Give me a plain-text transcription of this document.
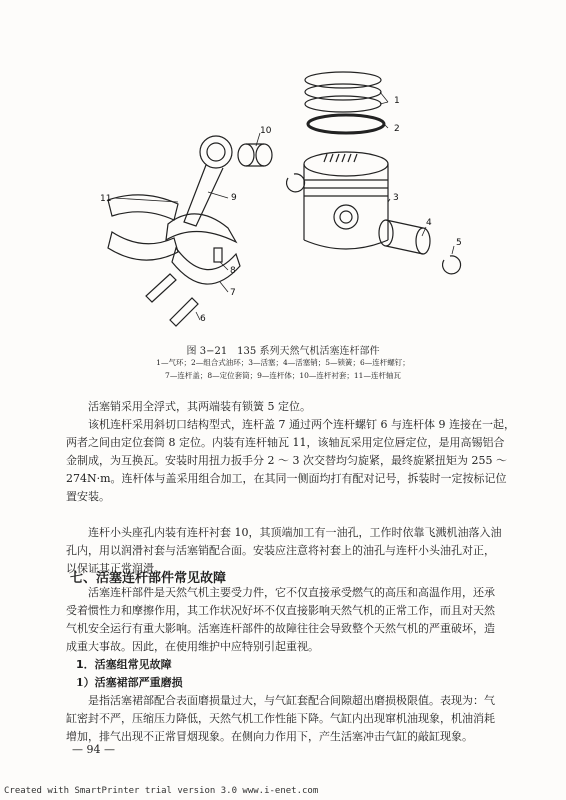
1
2
3
4
5
6
7
8
9
10
11
图 3−21　135 系列天然气机活塞连杆部件
1—气环；2—组合式油环；3—活塞；4—活塞销；5—锁簧；6—连杆螺钉；
7—连杆盖；8—定位套筒；9—连杆体；10—连杆衬套；11—连杆轴瓦

活塞销采用全浮式，其两端装有锁簧 5 定位。

该机连杆采用斜切口结构型式，连杆盖 7 通过两个连杆螺钉 6 与连杆体 9 连接在一起，
两者之间由定位套筒 8 定位。内装有连杆轴瓦 11，该轴瓦采用定位唇定位，是用高锡铝合
金制成，为互换瓦。安装时用扭力扳手分 2 ～ 3 次交替均匀旋紧，最终旋紧扭矩为 255 ～
274N·m。连杆体与盖采用组合加工，在其同一侧面均打有配对记号，拆装时一定按标记位
置安装。

连杆小头座孔内装有连杆衬套 10，其顶端加工有一油孔，工作时依靠飞溅机油落入油
孔内，用以润滑衬套与活塞销配合面。安装应注意将衬套上的油孔与连杆小头油孔对正，
以保证其正常润滑。

七、活塞连杆部件常见故障

活塞连杆部件是天然气机主要受力件，它不仅直接承受燃气的高压和高温作用，还承
受着惯性力和摩擦作用，其工作状况好坏不仅直接影响天然气机的正常工作，而且对天然
气机安全运行有重大影响。活塞连杆部件的故障往往会导致整个天然气机的严重破坏，造
成重大事故。因此，在使用维护中应特别引起重视。

1．活塞组常见故障
1）活塞裙部严重磨损

是指活塞裙部配合表面磨损量过大，与气缸套配合间隙超出磨损极限值。表现为：气
缸密封不严，压缩压力降低，天然气机工作性能下降。气缸内出现窜机油现象，机油消耗
增加，排气出现不正常冒烟现象。在侧向力作用下，产生活塞冲击气缸的敲缸现象。

— 94 —
Created with SmartPrinter trial version 3.0 www.i-enet.com
